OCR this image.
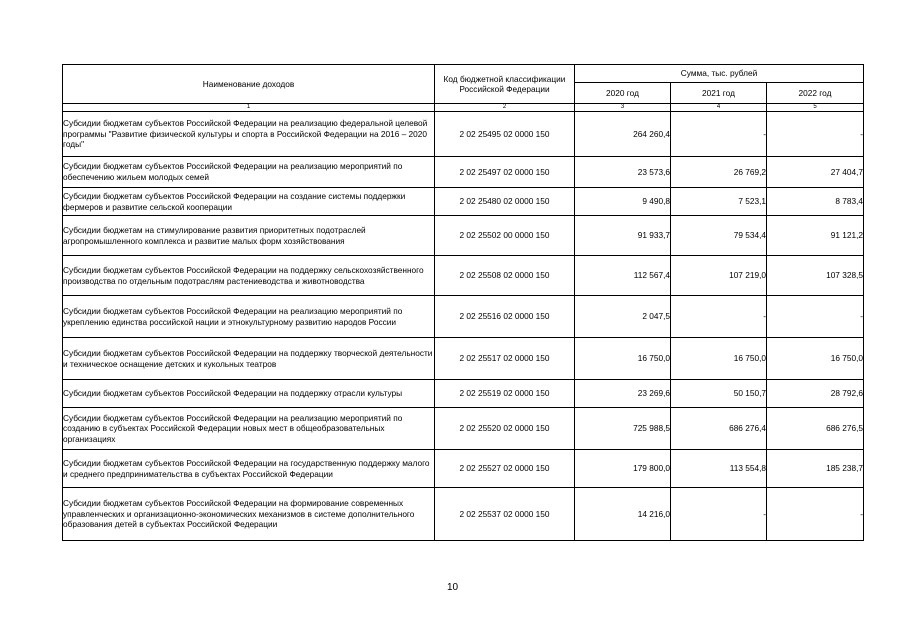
Наименование доходов	Код бюджетной классификации Российской Федерации	Сумма, тыс. рублей		
		2020 год	2021 год	2022 год
1	2	3	4	5
Субсидии бюджетам субъектов Российской Федерации на реализацию федеральной целевой программы "Развитие физической культуры и спорта в Российской Федерации на 2016 – 2020 годы"	2 02 25495 02 0000 150	264 260,4	-	-
Субсидии бюджетам субъектов Российской Федерации на реализацию мероприятий по обеспечению жильем молодых семей	2 02 25497 02 0000 150	23 573,6	26 769,2	27 404,7
Субсидии бюджетам субъектов Российской Федерации на создание системы поддержки фермеров и развитие сельской кооперации	2 02 25480 02 0000 150	9 490,8	7 523,1	8 783,4
Субсидии бюджетам на стимулирование развития приоритетных подотраслей агропромышленного комплекса и развитие малых форм хозяйствования	2 02 25502 00 0000 150	91 933,7	79 534,4	91 121,2
Субсидии бюджетам субъектов Российской Федерации на поддержку сельскохозяйственного производства по отдельным подотраслям растениеводства и животноводства	2 02 25508 02 0000 150	112 567,4	107 219,0	107 328,5
Субсидии бюджетам субъектов Российской Федерации на реализацию мероприятий по укреплению единства российской нации и этнокультурному развитию народов России	2 02 25516 02 0000 150	2 047,5	-	-
Субсидии бюджетам субъектов Российской Федерации на поддержку творческой деятельности и техническое оснащение детских и кукольных театров	2 02 25517 02 0000 150	16 750,0	16 750,0	16 750,0
Субсидии бюджетам субъектов Российской Федерации на поддержку отрасли культуры	2 02 25519 02 0000 150	23 269,6	50 150,7	28 792,6
Субсидии бюджетам субъектов Российской Федерации на реализацию мероприятий по созданию в субъектах Российской Федерации новых мест в общеобразовательных организациях	2 02 25520 02 0000 150	725 988,5	686 276,4	686 276,5
Субсидии бюджетам субъектов Российской Федерации на государственную поддержку малого и среднего предпринимательства в субъектах Российской Федерации	2 02 25527 02 0000 150	179 800,0	113 554,8	185 238,7
Субсидии бюджетам субъектов Российской Федерации на формирование современных управленческих и организационно-экономических механизмов в системе дополнительного образования детей в субъектах Российской Федерации	2 02 25537 02 0000 150	14 216,0	-	-
10
